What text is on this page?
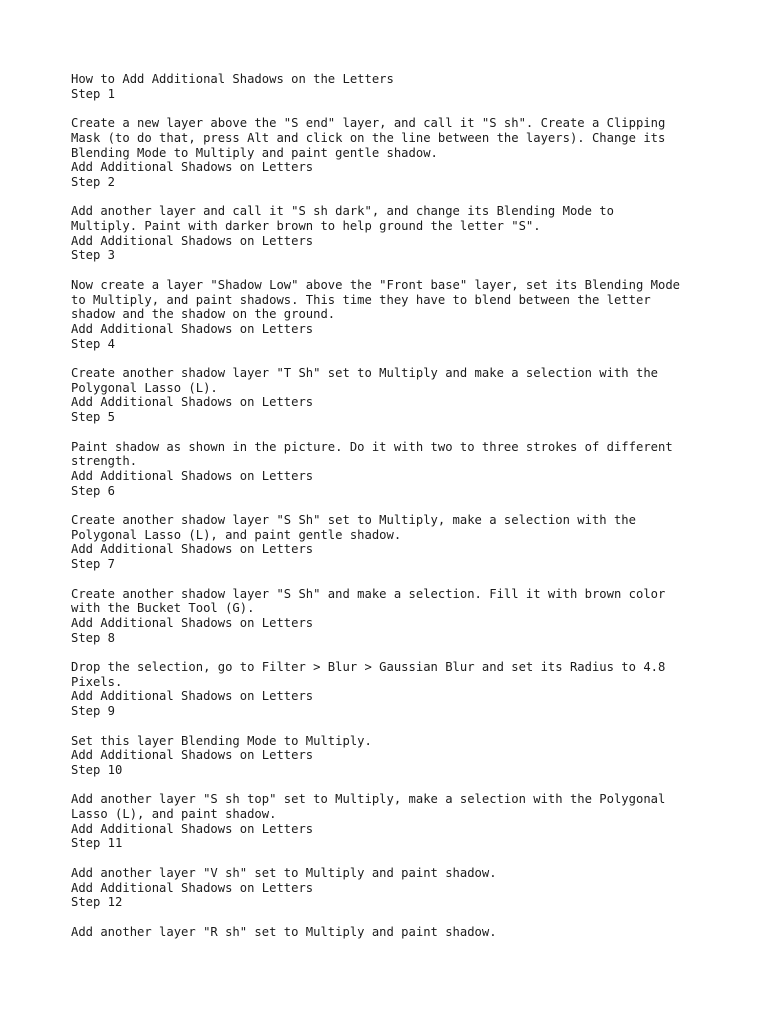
How to Add Additional Shadows on the Letters
Step 1
Create a new layer above the "S end" layer, and call it "S sh". Create a Clipping
Mask (to do that, press Alt and click on the line between the layers). Change its
Blending Mode to Multiply and paint gentle shadow.
Add Additional Shadows on Letters
Step 2
Add another layer and call it "S sh dark", and change its Blending Mode to
Multiply. Paint with darker brown to help ground the letter "S".
Add Additional Shadows on Letters
Step 3
Now create a layer "Shadow Low" above the "Front base" layer, set its Blending Mode
to Multiply, and paint shadows. This time they have to blend between the letter
shadow and the shadow on the ground.
Add Additional Shadows on Letters
Step 4
Create another shadow layer "T Sh" set to Multiply and make a selection with the
Polygonal Lasso (L).
Add Additional Shadows on Letters
Step 5
Paint shadow as shown in the picture. Do it with two to three strokes of different
strength.
Add Additional Shadows on Letters
Step 6
Create another shadow layer "S Sh" set to Multiply, make a selection with the
Polygonal Lasso (L), and paint gentle shadow.
Add Additional Shadows on Letters
Step 7
Create another shadow layer "S Sh" and make a selection. Fill it with brown color
with the Bucket Tool (G).
Add Additional Shadows on Letters
Step 8
Drop the selection, go to Filter > Blur > Gaussian Blur and set its Radius to 4.8
Pixels.
Add Additional Shadows on Letters
Step 9
Set this layer Blending Mode to Multiply.
Add Additional Shadows on Letters
Step 10
Add another layer "S sh top" set to Multiply, make a selection with the Polygonal
Lasso (L), and paint shadow.
Add Additional Shadows on Letters
Step 11
Add another layer "V sh" set to Multiply and paint shadow.
Add Additional Shadows on Letters
Step 12
Add another layer "R sh" set to Multiply and paint shadow.
